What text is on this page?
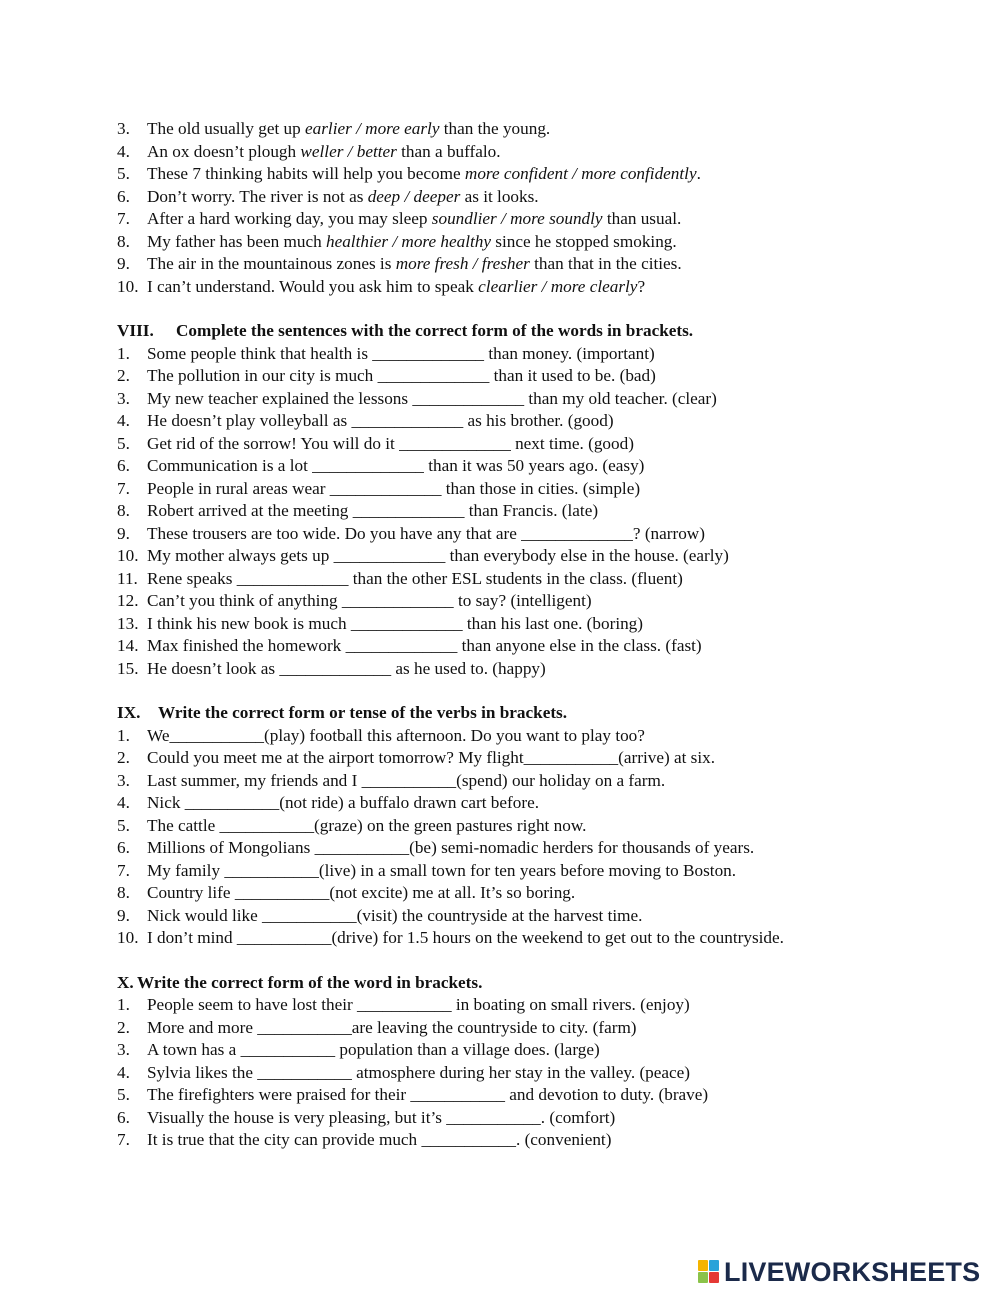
3. The old usually get up earlier / more early than the young.
4. An ox doesn’t plough weller / better than a buffalo.
5. These 7 thinking habits will help you become more confident / more confidently.
6. Don’t worry. The river is not as deep / deeper as it looks.
7. After a hard working day, you may sleep soundlier / more soundly than usual.
8. My father has been much healthier / more healthy since he stopped smoking.
9. The air in the mountainous zones is more fresh / fresher than that in the cities.
10. I can’t understand. Would you ask him to speak clearlier / more clearly?
VIII. Complete the sentences with the correct form of the words in brackets.
1. Some people think that health is _____________ than money. (important)
2. The pollution in our city is much _____________ than it used to be. (bad)
3. My new teacher explained the lessons _____________ than my old teacher. (clear)
4. He doesn’t play volleyball as _____________ as his brother. (good)
5. Get rid of the sorrow! You will do it _____________ next time. (good)
6. Communication is a lot _____________ than it was 50 years ago. (easy)
7. People in rural areas wear _____________ than those in cities. (simple)
8. Robert arrived at the meeting _____________ than Francis. (late)
9. These trousers are too wide. Do you have any that are _____________? (narrow)
10. My mother always gets up _____________ than everybody else in the house. (early)
11. Rene speaks _____________ than the other ESL students in the class. (fluent)
12. Can’t you think of anything _____________ to say? (intelligent)
13. I think his new book is much _____________ than his last one. (boring)
14. Max finished the homework _____________ than anyone else in the class. (fast)
15. He doesn’t look as _____________ as he used to. (happy)
IX. Write the correct form or tense of the verbs in brackets.
1. We___________(play) football this afternoon. Do you want to play too?
2. Could you meet me at the airport tomorrow? My flight___________(arrive) at six.
3. Last summer, my friends and I ___________(spend) our holiday on a farm.
4. Nick ___________(not ride) a buffalo drawn cart before.
5. The cattle ___________(graze) on the green pastures right now.
6. Millions of Mongolians ___________(be) semi-nomadic herders for thousands of years.
7. My family ___________(live) in a small town for ten years before moving to Boston.
8. Country life ___________(not excite) me at all. It’s so boring.
9. Nick would like ___________(visit) the countryside at the harvest time.
10. I don’t mind ___________(drive) for 1.5 hours on the weekend to get out to the countryside.
X. Write the correct form of the word in brackets.
1. People seem to have lost their ___________ in boating on small rivers. (enjoy)
2. More and more ___________are leaving the countryside to city. (farm)
3. A town has a ___________ population than a village does. (large)
4. Sylvia likes the ___________ atmosphere during her stay in the valley. (peace)
5. The firefighters were praised for their ___________ and devotion to duty. (brave)
6. Visually the house is very pleasing, but it’s ___________. (comfort)
7. It is true that the city can provide much ___________. (convenient)
LIVEWORKSHEETS
